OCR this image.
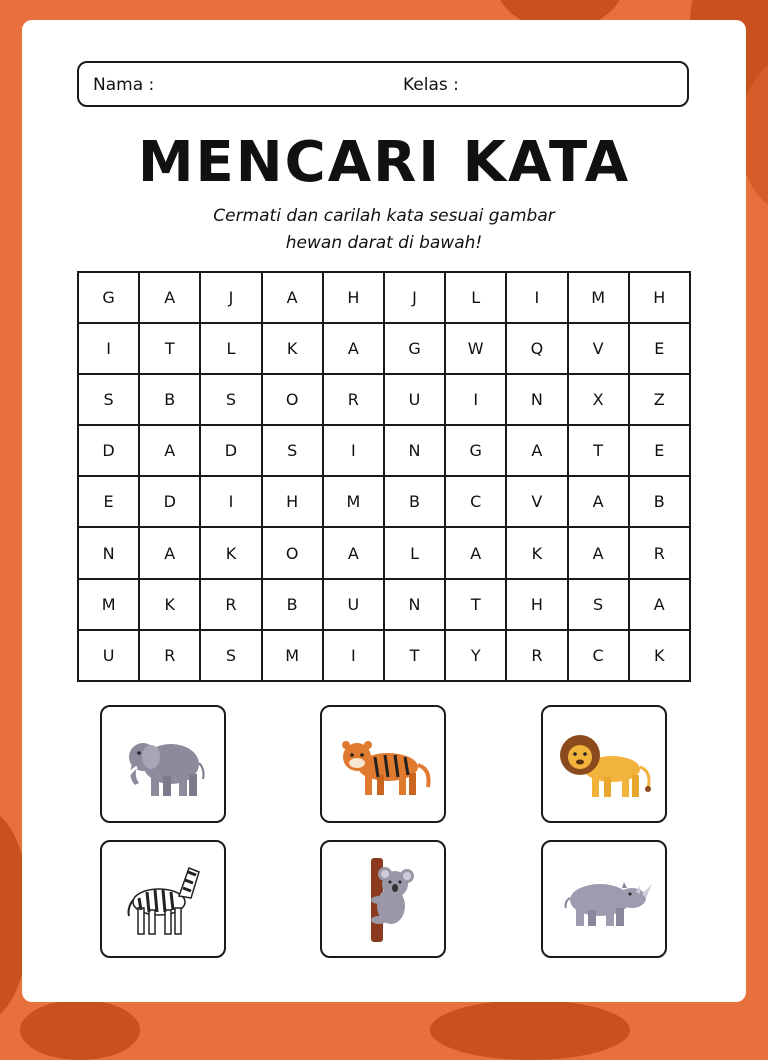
Nama :	Kelas :
MENCARI KATA
Cermati dan carilah kata sesuai gambar
hewan darat di bawah!
G	A	J	A	H	J	L	I	M	H
I	T	L	K	A	G	W	Q	V	E
S	B	S	O	R	U	I	N	X	Z
D	A	D	S	I	N	G	A	T	E
E	D	I	H	M	B	C	V	A	B
N	A	K	O	A	L	A	K	A	R
M	K	R	B	U	N	T	H	S	A
U	R	S	M	I	T	Y	R	C	K
